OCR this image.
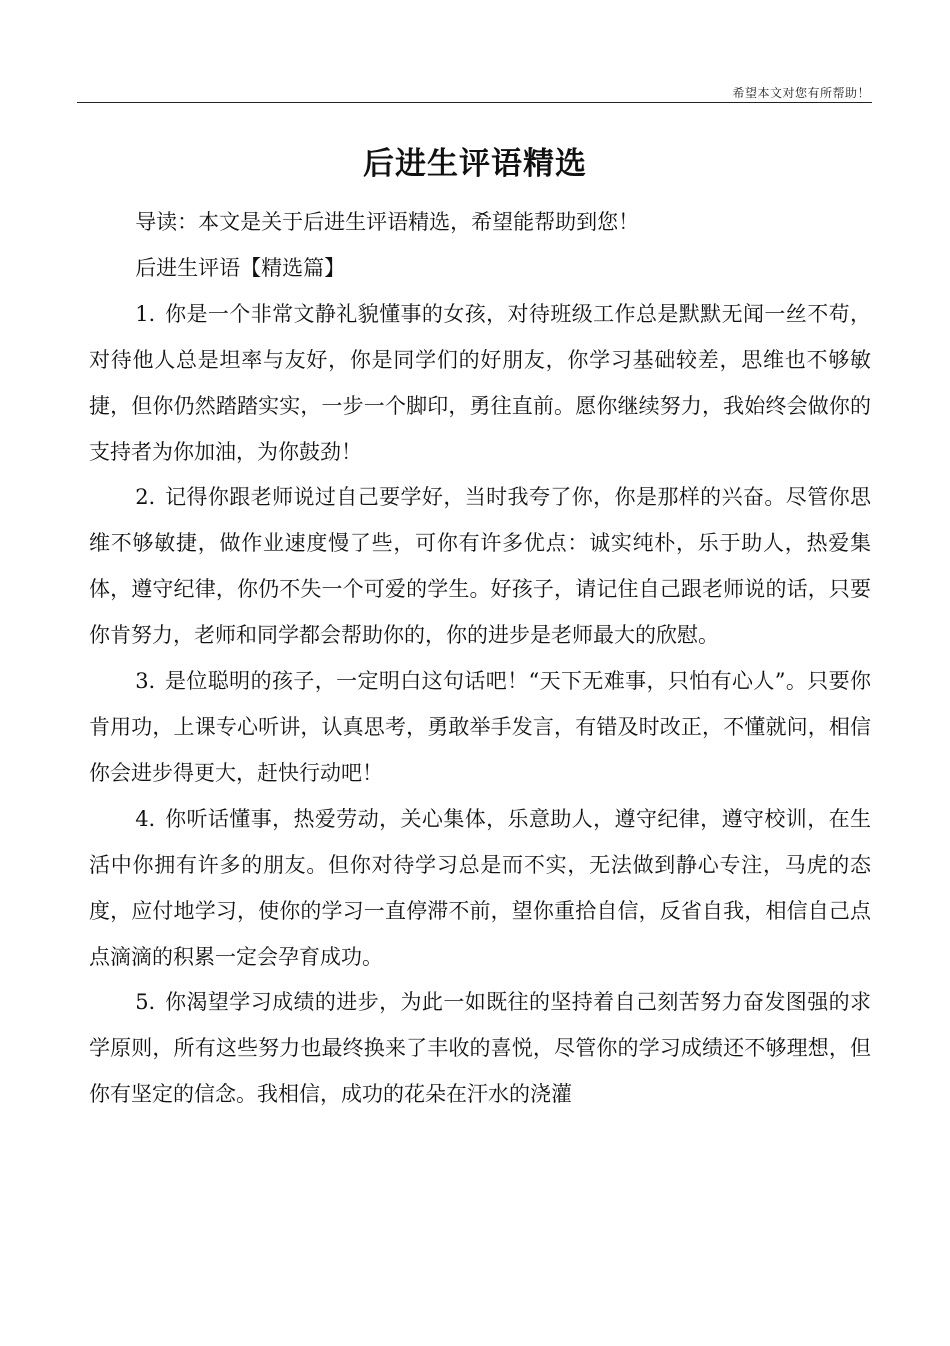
希望本文对您有所帮助！
后进生评语精选

导读：本文是关于后进生评语精选，希望能帮助到您！

后进生评语【精选篇】

1. 你是一个非常文静礼貌懂事的女孩，对待班级工作总是默默无闻一丝不苟，对待他人总是坦率与友好，你是同学们的好朋友，你学习基础较差，思维也不够敏捷，但你仍然踏踏实实，一步一个脚印，勇往直前。愿你继续努力，我始终会做你的支持者为你加油，为你鼓劲！

2. 记得你跟老师说过自己要学好，当时我夸了你，你是那样的兴奋。尽管你思维不够敏捷，做作业速度慢了些，可你有许多优点：诚实纯朴，乐于助人，热爱集体，遵守纪律，你仍不失一个可爱的学生。好孩子，请记住自己跟老师说的话，只要你肯努力，老师和同学都会帮助你的，你的进步是老师最大的欣慰。

3. 是位聪明的孩子，一定明白这句话吧！“天下无难事，只怕有心人”。只要你肯用功，上课专心听讲，认真思考，勇敢举手发言，有错及时改正，不懂就问，相信你会进步得更大，赶快行动吧！

4. 你听话懂事，热爱劳动，关心集体，乐意助人，遵守纪律，遵守校训，在生活中你拥有许多的朋友。但你对待学习总是而不实，无法做到静心专注，马虎的态度，应付地学习，使你的学习一直停滞不前，望你重拾自信，反省自我，相信自己点点滴滴的积累一定会孕育成功。

5. 你渴望学习成绩的进步，为此一如既往的坚持着自己刻苦努力奋发图强的求学原则，所有这些努力也最终换来了丰收的喜悦，尽管你的学习成绩还不够理想，但你有坚定的信念。我相信，成功的花朵在汗水的浇灌
